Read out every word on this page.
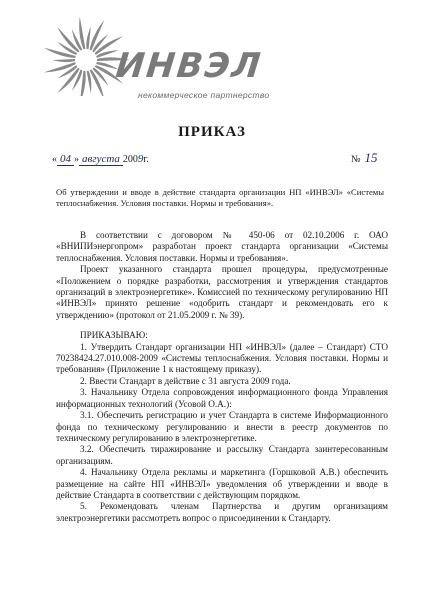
ИНВЭЛ
некоммерческое партнерство
ПРИКАЗ
« 04 » августа 2009г.	№ 15
Об утверждении и вводе в действие стандарта организации НП «ИНВЭЛ» «Системы теплоснабжения. Условия поставки. Нормы и требования».

В соответствии с договором № 450-06 от 02.10.2006 г. ОАО «ВНИПИэнергопром» разработан проект стандарта организации «Системы теплоснабжения. Условия поставки. Нормы и требования».

Проект указанного стандарта прошел процедуры, предусмотренные «Положением о порядке разработки, рассмотрения и утверждения стандартов организаций в электроэнергетике». Комиссией по техническому регулированию НП «ИНВЭЛ» принято решение «одобрить стандарт и рекомендовать его к утверждению» (протокол от 21.05.2009 г. № 39).

ПРИКАЗЫВАЮ:

1. Утвердить Стандарт организации НП «ИНВЭЛ» (далее – Стандарт) СТО 70238424.27.010.008-2009 «Системы теплоснабжения. Условия поставки. Нормы и требования» (Приложение 1 к настоящему приказу).

2. Ввести Стандарт в действие с 31 августа 2009 года.

3. Начальнику Отдела сопровождения информационного фонда Управления информационных технологий (Усовой О.А.):

3.1. Обеспечить регистрацию и учет Стандарта в системе Информационного фонда по техническому регулированию и внести в реестр документов по техническому регулированию в электроэнергетике.

3.2. Обеспечить тиражирование и рассылку Стандарта заинтересованным организациям.

4. Начальнику Отдела рекламы и маркетинга (Горшковой А.В.) обеспечить размещение на сайте НП «ИНВЭЛ» уведомления об утверждении и вводе в действие Стандарта в соответствии с действующим порядком.

5. Рекомендовать членам Партнерства и другим организациям электроэнергетики рассмотреть вопрос о присоединении к Стандарту.
